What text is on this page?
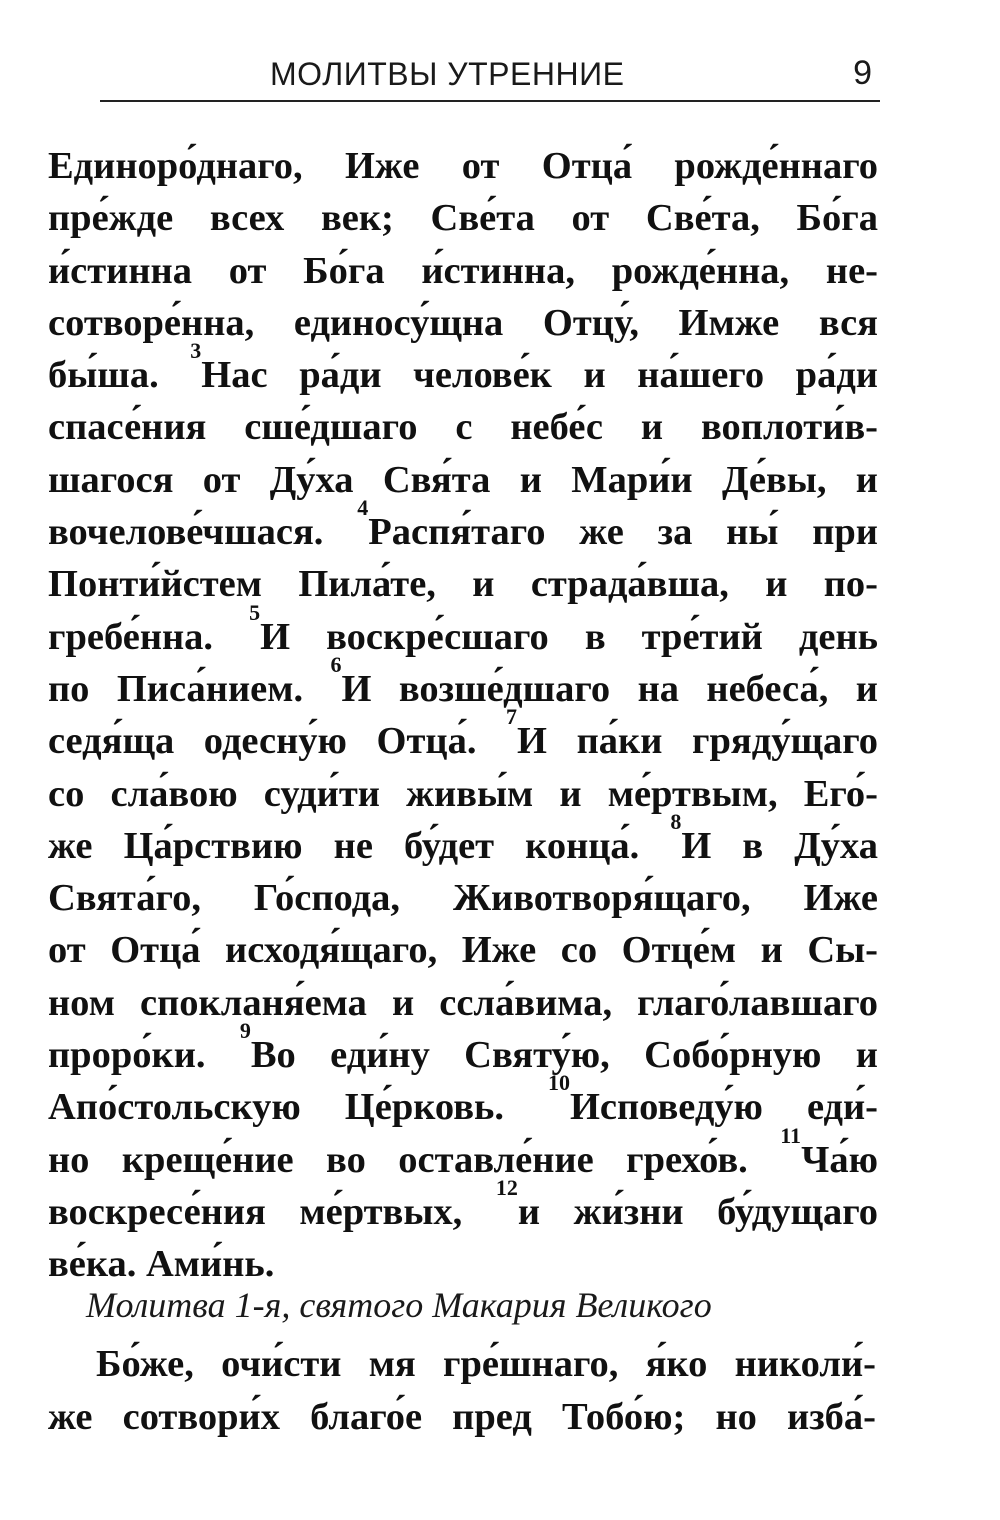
МОЛИТВЫ УТРЕННИЕ	9
Единоро́днаго, Иже от Отца́ рожде́ннаго
пре́жде всех век; Све́та от Све́та, Бо́га
и́стинна от Бо́га и́стинна, рожде́нна, не-
сотворе́нна, единосу́щна Отцу́, Имже вся
бы́ша. $^3$Нас ра́ди челове́к и на́шего ра́ди
спасе́ния сше́дшаго с небе́с и воплоти́в-
шагося от Ду́ха Свя́та и Мари́и Де́вы, и
вочелове́чшася. $^4$Распя́таго же за ны́ при
Понти́йстем Пила́те, и страда́вша, и по-
гребе́нна. $^5$И воскре́сшаго в тре́тий день
по Писа́нием. $^6$И возше́дшаго на небеса́, и
седя́ща одесну́ю Отца́. $^7$И па́ки гряду́щаго
со сла́вою суди́ти живы́м и ме́ртвым, Его́-
же Ца́рствию не бу́дет конца́. $^8$И в Ду́ха
Свята́го, Го́спода, Животворя́щаго, Иже
от Отца́ исходя́щаго, Иже со Отце́м и Сы-
ном спокланя́ема и ссла́вима, глаго́лавшаго
проро́ки. $^9$Во еди́ну Святу́ю, Собо́рную и
Апо́стольскую Це́рковь. $^{10}$Исповеду́ю еди́-
но креще́ние во оставле́ние грехо́в. $^{11}$Ча́ю
воскресе́ния ме́ртвых, $^{12}$и жи́зни бу́дущаго
ве́ка. Ами́нь.
Молитва 1-я, святого Макария Великого
Бо́же, очи́сти мя гре́шнаго, я́ко николи́-
же сотвори́х благо́е пред Тобо́ю; но изба́-
